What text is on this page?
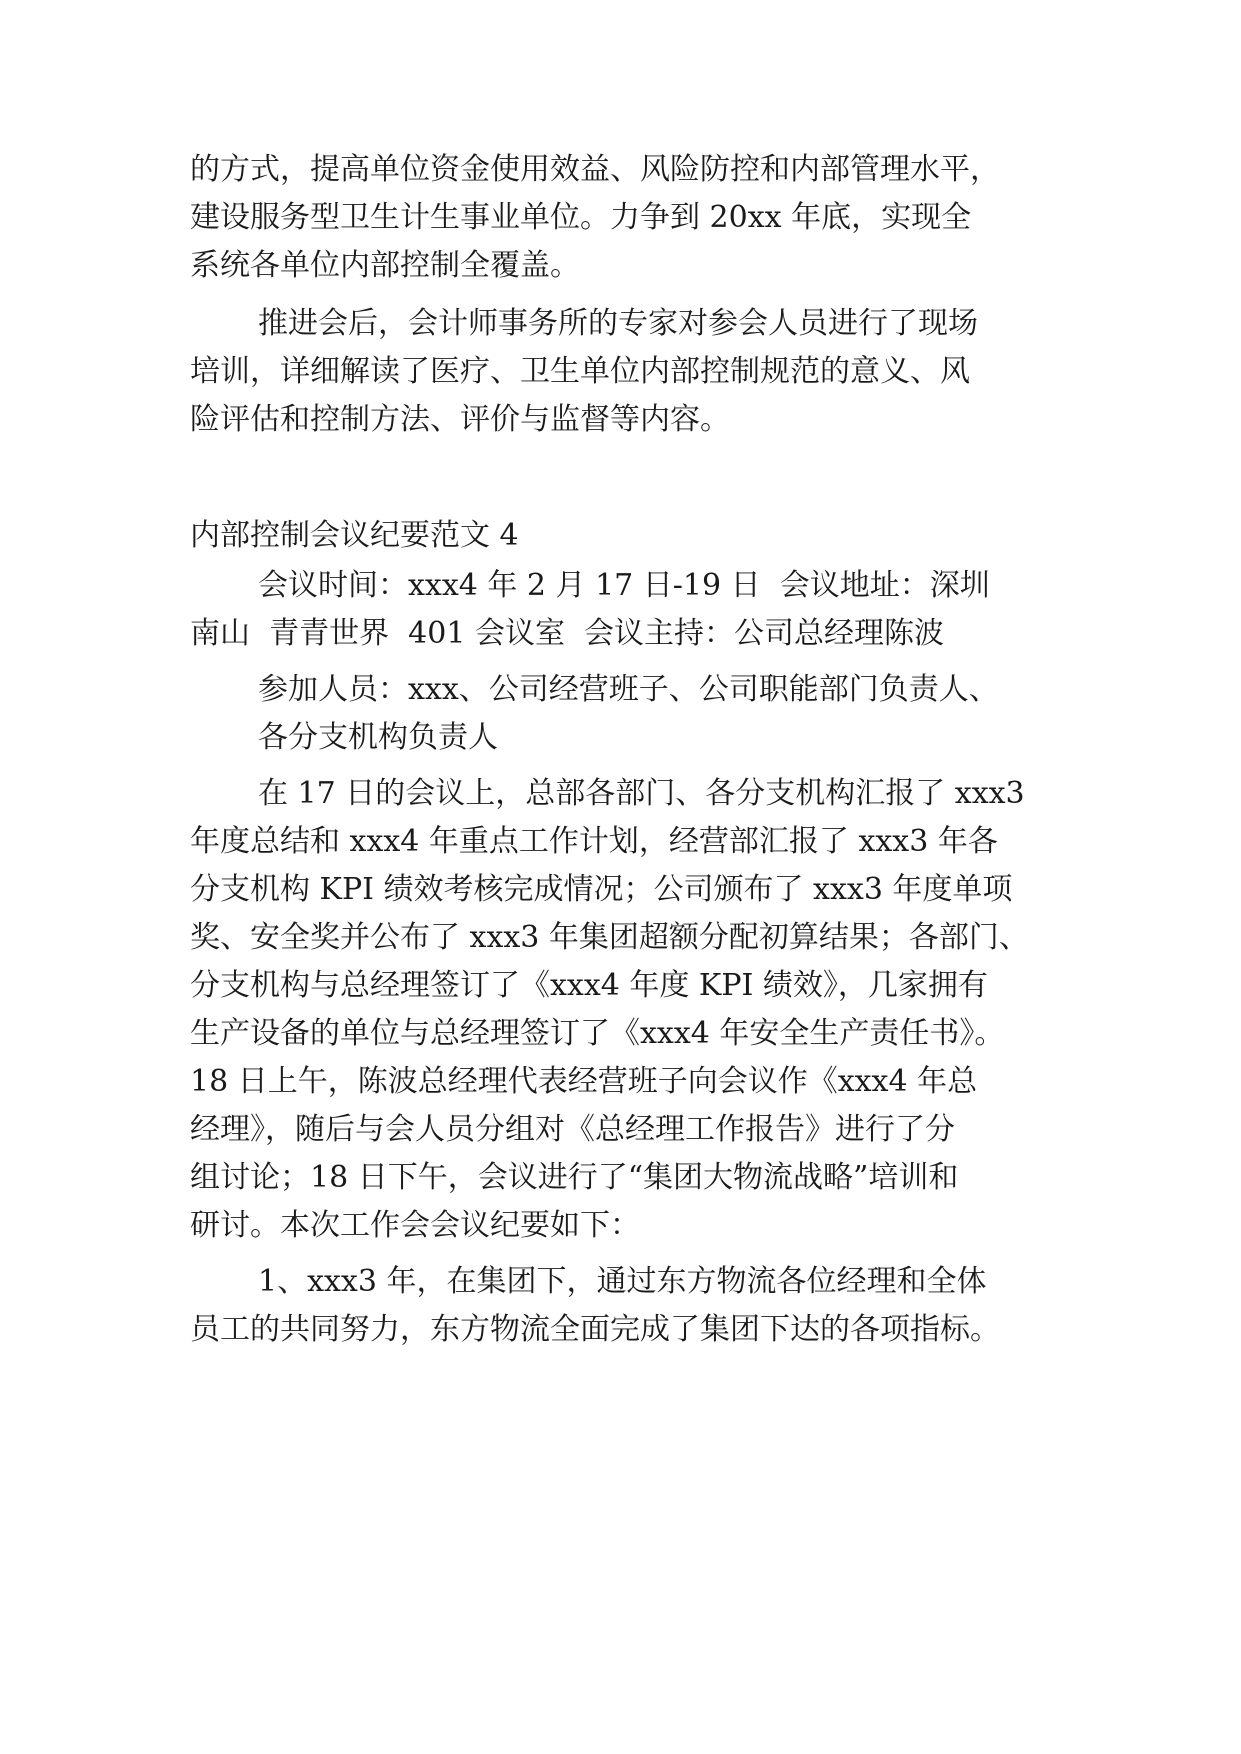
的方式，提高单位资金使用效益、风险防控和内部管理水平，
建设服务型卫生计生事业单位。力争到 20xx 年底，实现全
系统各单位内部控制全覆盖。
推进会后，会计师事务所的专家对参会人员进行了现场
培训，详细解读了医疗、卫生单位内部控制规范的意义、风
险评估和控制方法、评价与监督等内容。
内部控制会议纪要范文 4
会议时间：xxx4 年 2 月 17 日-19 日  会议地址：深圳
南山  青青世界  401 会议室  会议主持：公司总经理陈波
参加人员：xxx、公司经营班子、公司职能部门负责人、
各分支机构负责人
在 17 日的会议上，总部各部门、各分支机构汇报了 xxx3
年度总结和 xxx4 年重点工作计划，经营部汇报了 xxx3 年各
分支机构 KPI 绩效考核完成情况；公司颁布了 xxx3 年度单项
奖、安全奖并公布了 xxx3 年集团超额分配初算结果；各部门、
分支机构与总经理签订了《xxx4 年度 KPI 绩效》，几家拥有
生产设备的单位与总经理签订了《xxx4 年安全生产责任书》。
18 日上午，陈波总经理代表经营班子向会议作《xxx4 年总
经理》，随后与会人员分组对《总经理工作报告》进行了分
组讨论；18 日下午，会议进行了“集团大物流战略”培训和
研讨。本次工作会会议纪要如下：
1、xxx3 年，在集团下，通过东方物流各位经理和全体
员工的共同努力，东方物流全面完成了集团下达的各项指标。
